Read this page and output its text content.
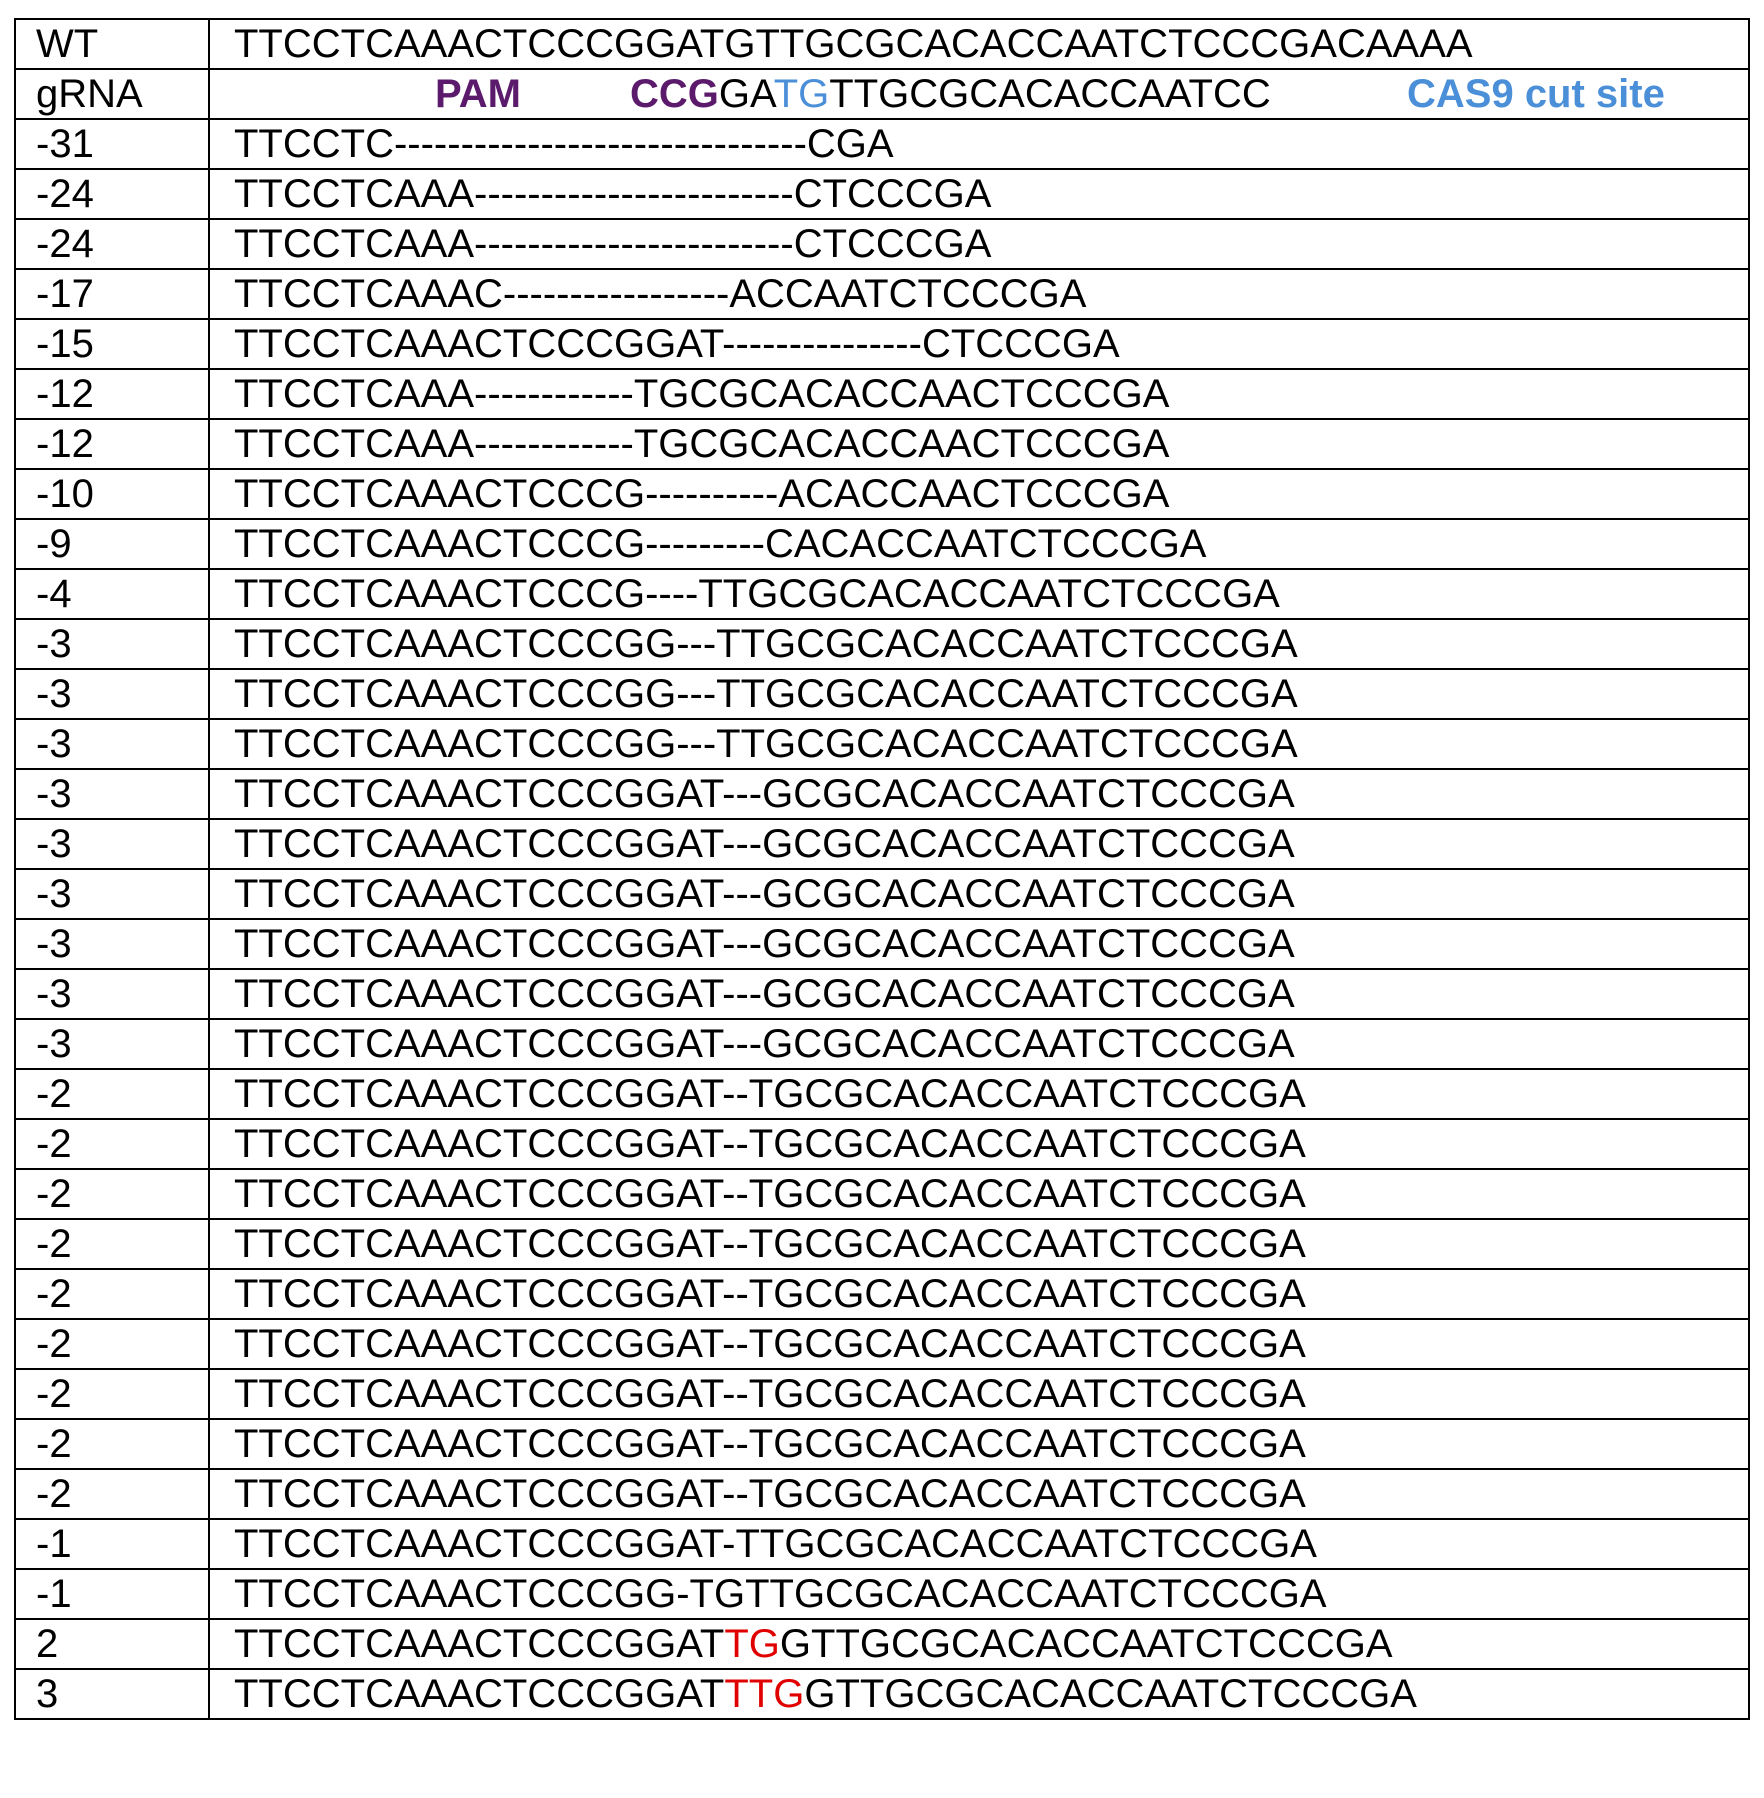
WT	TTCCTCAAACTCCCGGATGTTGCGCACACCAATCTCCCGACAAAA
gRNA	PAM CCGGATGTTGCGCACACCAATCC CAS9 cut site

-31	TTCCTC-------------------------------CGA
-24	TTCCTCAAA------------------------CTCCCGA
-24	TTCCTCAAA------------------------CTCCCGA
-17	TTCCTCAAAC-----------------ACCAATCTCCCGA
-15	TTCCTCAAACTCCCGGAT---------------CTCCCGA
-12	TTCCTCAAA------------TGCGCACACCAACTCCCGA
-12	TTCCTCAAA------------TGCGCACACCAACTCCCGA
-10	TTCCTCAAACTCCCG----------ACACCAACTCCCGA
-9	TTCCTCAAACTCCCG---------CACACCAATCTCCCGA
-4	TTCCTCAAACTCCCG----TTGCGCACACCAATCTCCCGA
-3	TTCCTCAAACTCCCGG---TTGCGCACACCAATCTCCCGA
-3	TTCCTCAAACTCCCGG---TTGCGCACACCAATCTCCCGA
-3	TTCCTCAAACTCCCGG---TTGCGCACACCAATCTCCCGA
-3	TTCCTCAAACTCCCGGAT---GCGCACACCAATCTCCCGA
-3	TTCCTCAAACTCCCGGAT---GCGCACACCAATCTCCCGA
-3	TTCCTCAAACTCCCGGAT---GCGCACACCAATCTCCCGA
-3	TTCCTCAAACTCCCGGAT---GCGCACACCAATCTCCCGA
-3	TTCCTCAAACTCCCGGAT---GCGCACACCAATCTCCCGA
-3	TTCCTCAAACTCCCGGAT---GCGCACACCAATCTCCCGA
-2	TTCCTCAAACTCCCGGAT--TGCGCACACCAATCTCCCGA
-2	TTCCTCAAACTCCCGGAT--TGCGCACACCAATCTCCCGA
-2	TTCCTCAAACTCCCGGAT--TGCGCACACCAATCTCCCGA
-2	TTCCTCAAACTCCCGGAT--TGCGCACACCAATCTCCCGA
-2	TTCCTCAAACTCCCGGAT--TGCGCACACCAATCTCCCGA
-2	TTCCTCAAACTCCCGGAT--TGCGCACACCAATCTCCCGA
-2	TTCCTCAAACTCCCGGAT--TGCGCACACCAATCTCCCGA
-2	TTCCTCAAACTCCCGGAT--TGCGCACACCAATCTCCCGA
-2	TTCCTCAAACTCCCGGAT--TGCGCACACCAATCTCCCGA
-1	TTCCTCAAACTCCCGGAT-TTGCGCACACCAATCTCCCGA
-1	TTCCTCAAACTCCCGG-TGTTGCGCACACCAATCTCCCGA
2	TTCCTCAAACTCCCGGATTGGTTGCGCACACCAATCTCCCGA
3	TTCCTCAAACTCCCGGATTTGGTTGCGCACACCAATCTCCCGA
